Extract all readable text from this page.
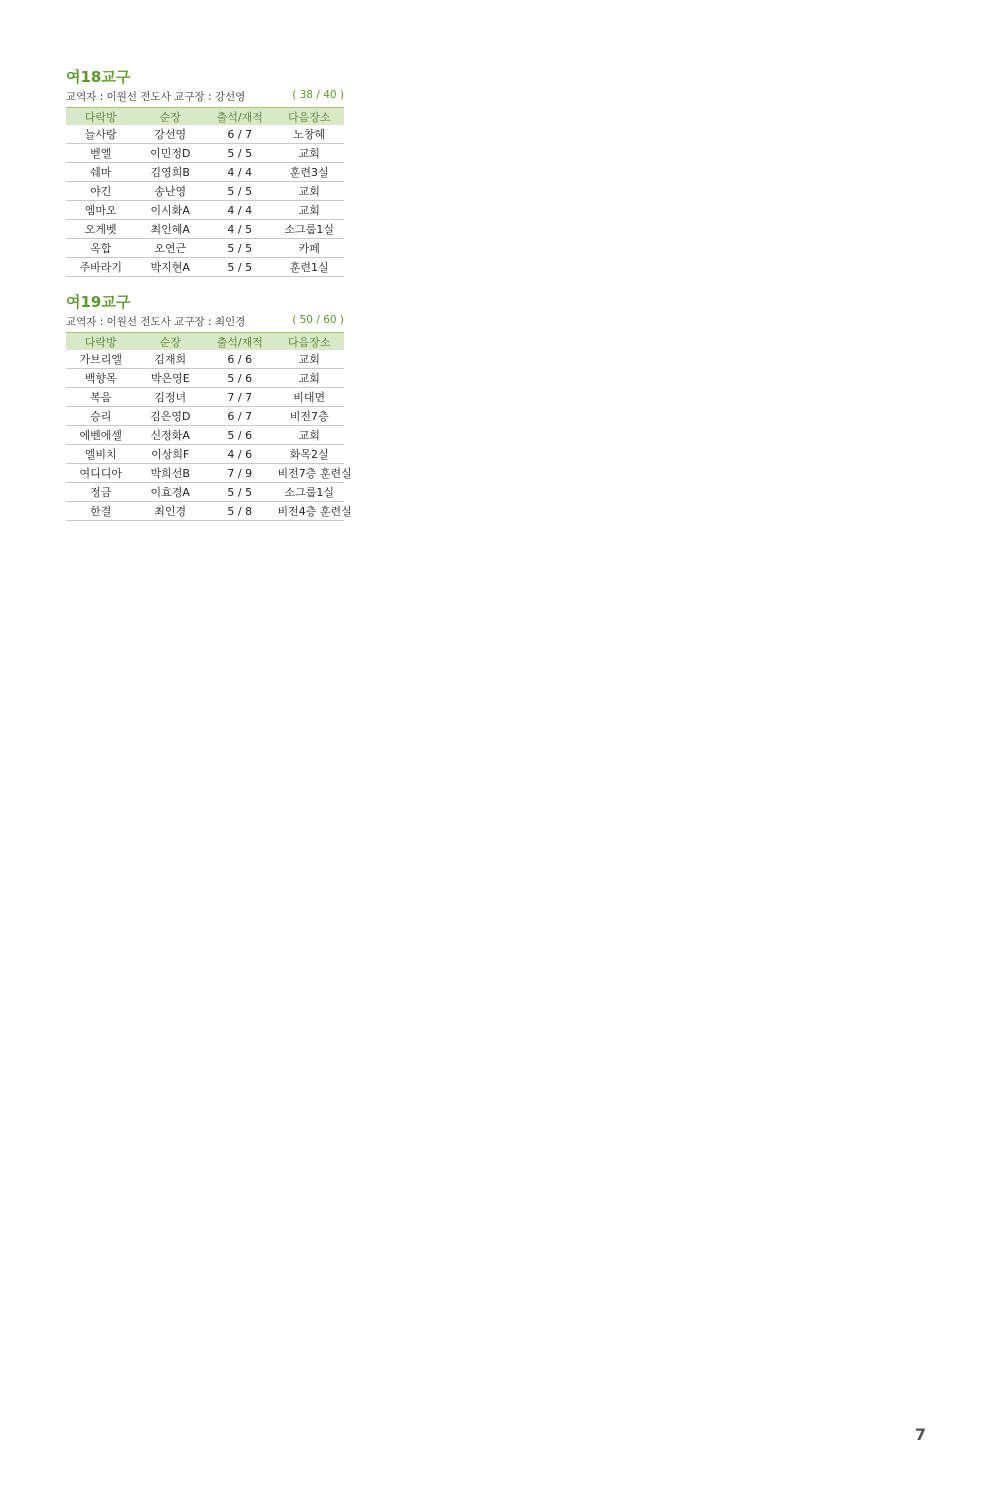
여18교구
교역자 : 이원선 전도사 교구장 : 강선영	( 38 / 40 )
다락방	순장	출석/재적	다음장소
늘사랑	강선영	6 / 7	노창혜
벧엘	이민정D	5 / 5	교회
쉐마	김영희B	4 / 4	훈련3실
야긴	송난영	5 / 5	교회
엠마오	이시화A	4 / 4	교회
오게벳	최인혜A	4 / 5	소그룹1실
옥합	오연근	5 / 5	카페
주바라기	박지현A	5 / 5	훈련1실
여19교구
교역자 : 이원선 전도사 교구장 : 최인경	( 50 / 60 )
다락방	순장	출석/재적	다음장소
가브리엘	김재희	6 / 6	교회
백향목	박은영E	5 / 6	교회
복음	김정녀	7 / 7	비대면
승리	김은영D	6 / 7	비전7층
에벤에셀	신정화A	5 / 6	교회
엘비치	이상희F	4 / 6	화목2실
여디디아	박희선B	7 / 9	비전7층 훈련실
정금	이효경A	5 / 5	소그룹1실
한결	최인경	5 / 8	비전4층 훈련실
7
